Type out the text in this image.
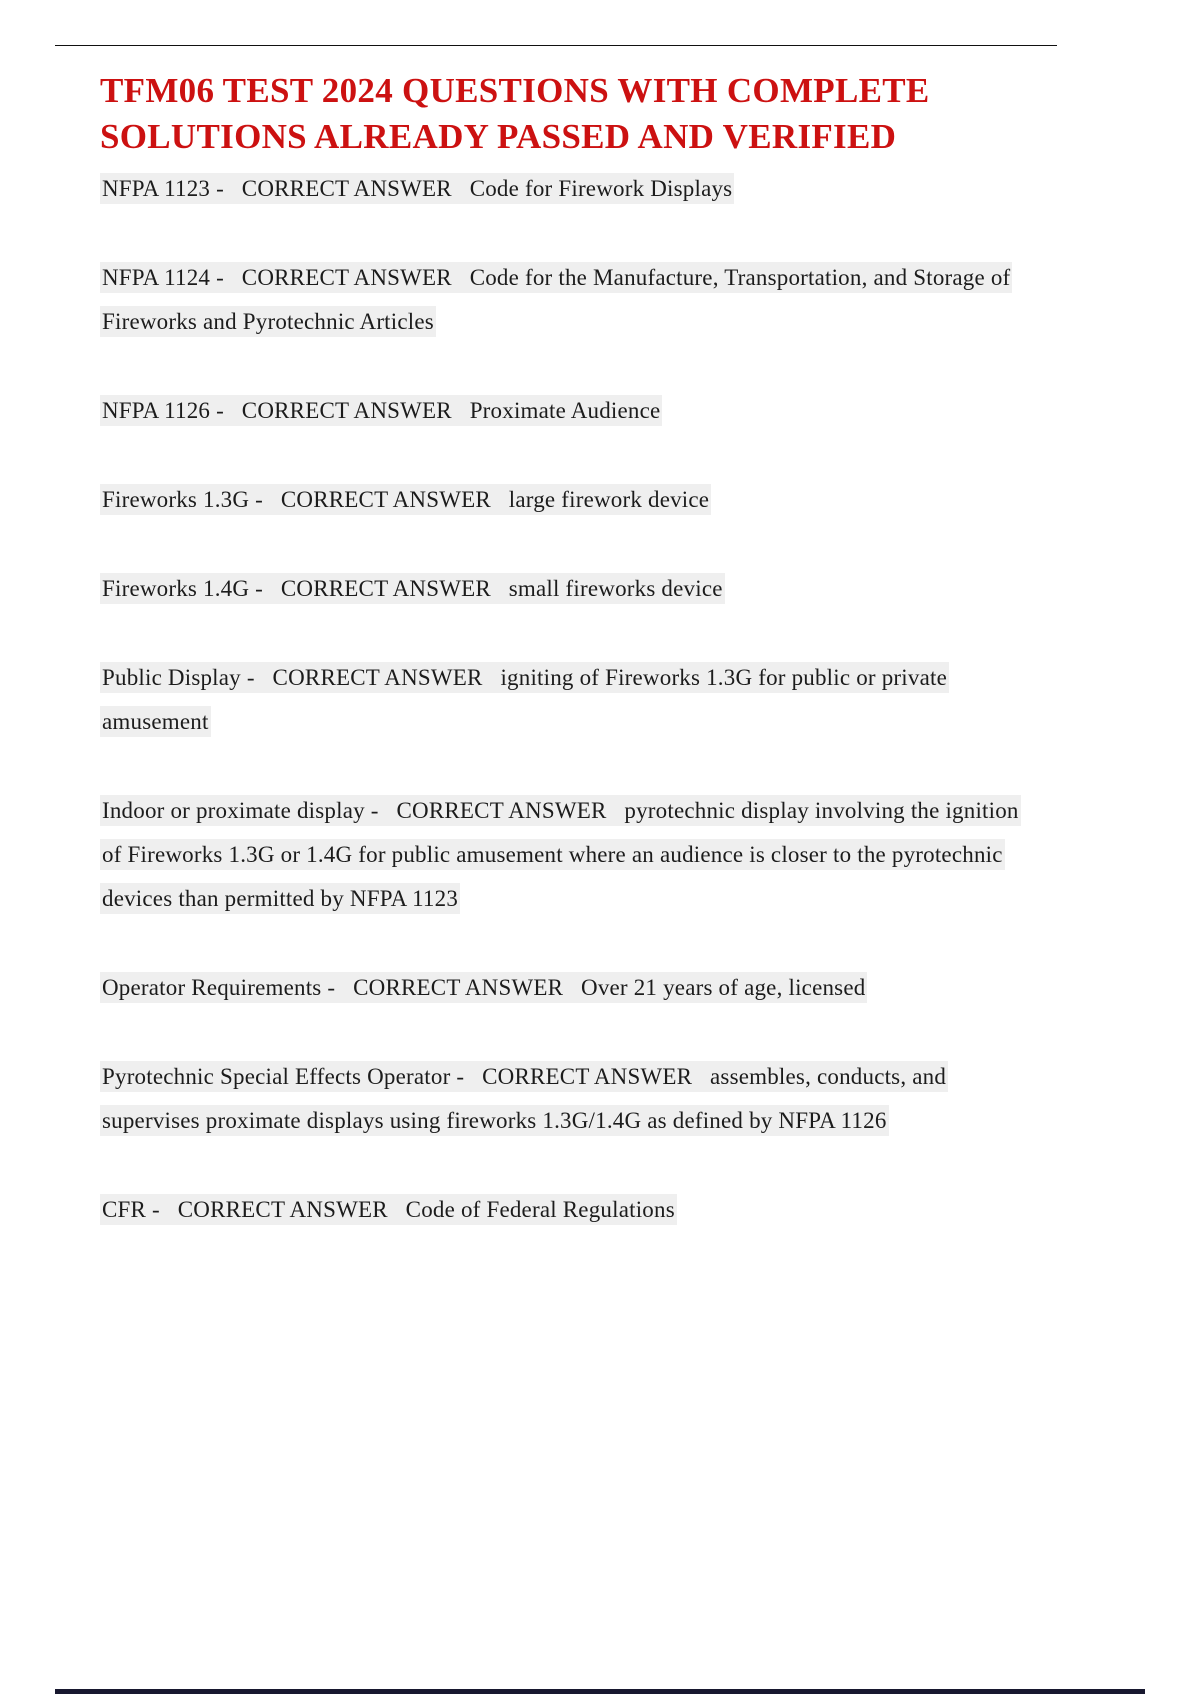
TFM06 TEST 2024 QUESTIONS WITH COMPLETE SOLUTIONS ALREADY PASSED AND VERIFIED

NFPA 1123 -   CORRECT ANSWER   Code for Firework Displays

NFPA 1124 -   CORRECT ANSWER   Code for the Manufacture, Transportation, and Storage of Fireworks and Pyrotechnic Articles

NFPA 1126 -   CORRECT ANSWER   Proximate Audience

Fireworks 1.3G -   CORRECT ANSWER   large firework device

Fireworks 1.4G -   CORRECT ANSWER   small fireworks device

Public Display -   CORRECT ANSWER   igniting of Fireworks 1.3G for public or private amusement

Indoor or proximate display -   CORRECT ANSWER   pyrotechnic display involving the ignition of Fireworks 1.3G or 1.4G for public amusement where an audience is closer to the pyrotechnic devices than permitted by NFPA 1123

Operator Requirements -   CORRECT ANSWER   Over 21 years of age, licensed

Pyrotechnic Special Effects Operator -   CORRECT ANSWER   assembles, conducts, and supervises proximate displays using fireworks 1.3G/1.4G as defined by NFPA 1126

CFR -   CORRECT ANSWER   Code of Federal Regulations
